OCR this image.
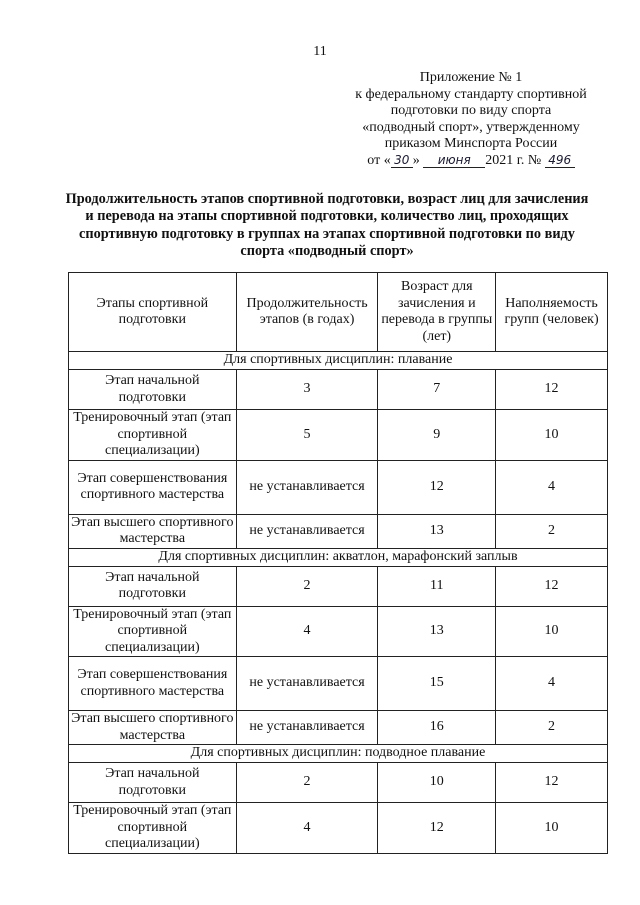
11
Приложение № 1
к федеральному стандарту спортивной
подготовки по виду спорта
«подводный спорт», утвержденному
приказом Минспорта России
от « 30 » июня 2021 г. № 496
Продолжительность этапов спортивной подготовки, возраст лиц для зачисления и перевода на этапы спортивной подготовки, количество лиц, проходящих спортивную подготовку в группах на этапах спортивной подготовки по виду спорта «подводный спорт»
Этапы спортивной подготовки	Продолжительность этапов (в годах)	Возраст для зачисления и перевода в группы (лет)	Наполняемость групп (человек)
Для спортивных дисциплин: плавание			
Этап начальной подготовки	3	7	12
Тренировочный этап (этап спортивной специализации)	5	9	10
Этап совершенствования спортивного мастерства	не устанавливается	12	4
Этап высшего спортивного мастерства	не устанавливается	13	2
Для спортивных дисциплин: акватлон, марафонский заплыв			
Этап начальной подготовки	2	11	12
Тренировочный этап (этап спортивной специализации)	4	13	10
Этап совершенствования спортивного мастерства	не устанавливается	15	4
Этап высшего спортивного мастерства	не устанавливается	16	2
Для спортивных дисциплин: подводное плавание			
Этап начальной подготовки	2	10	12
Тренировочный этап (этап спортивной специализации)	4	12	10
